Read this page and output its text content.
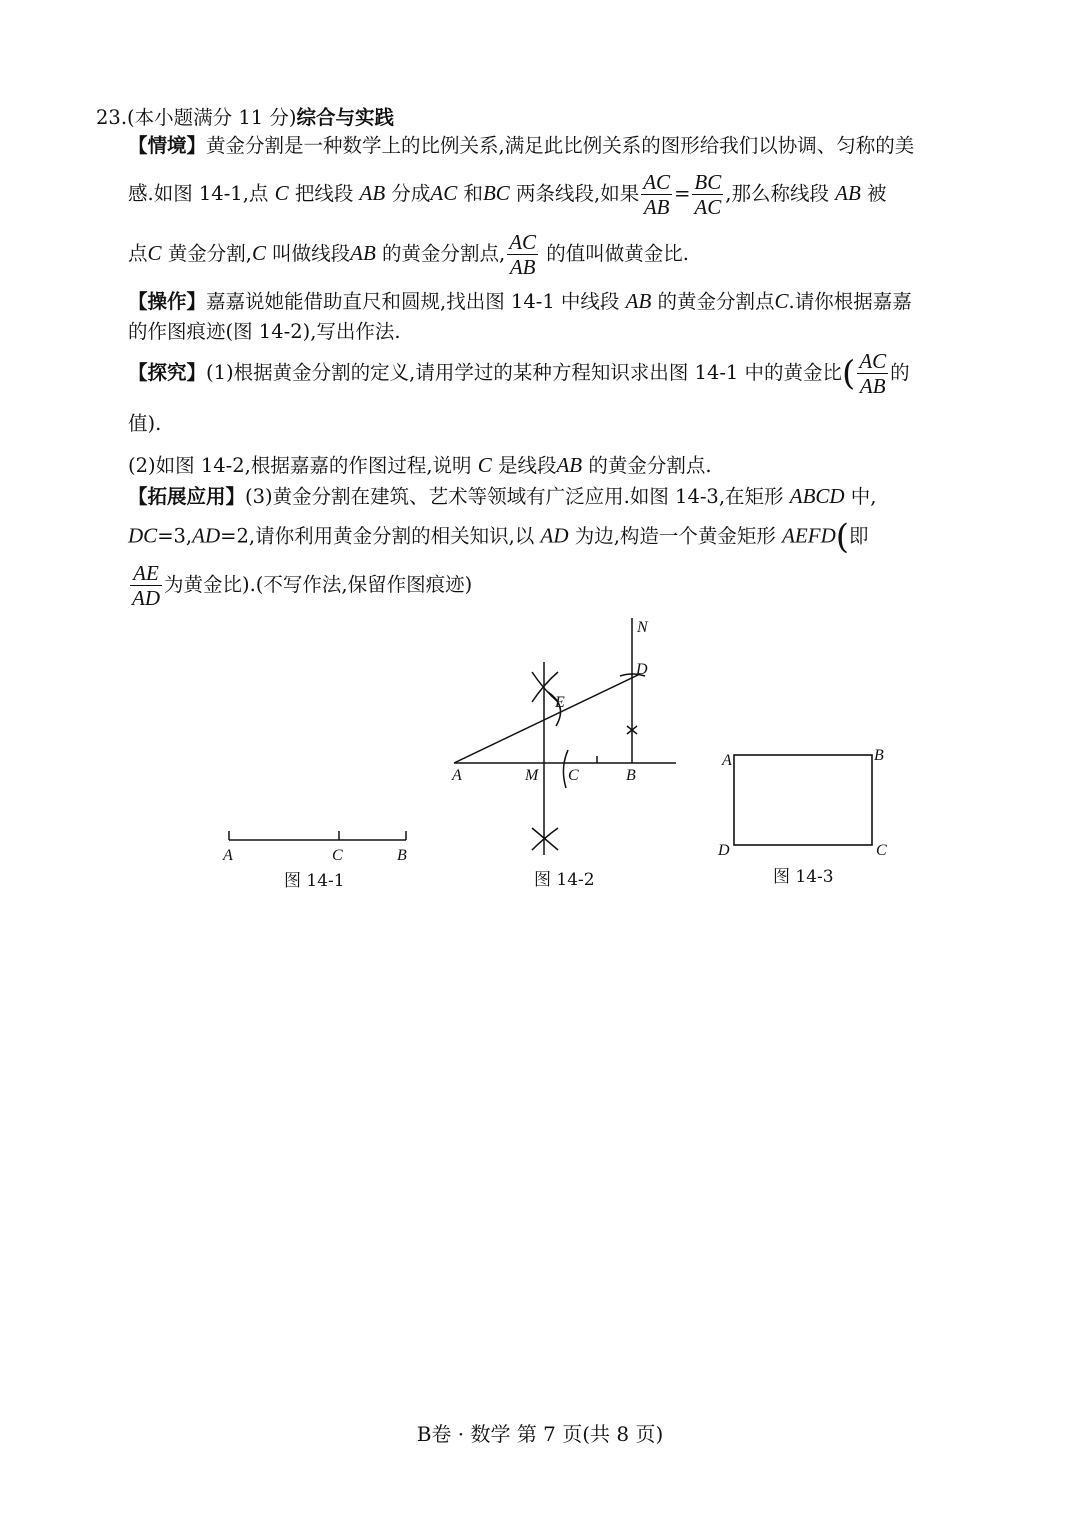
23.(本小题满分 11 分)综合与实践
【情境】黄金分割是一种数学上的比例关系,满足此比例关系的图形给我们以协调、匀称的美
感.如图 14-1,点 C 把线段 AB 分成AC 和BC 两条线段,如果 $\frac{AC}{AB} = \frac{BC}{AC}$ ,那么称线段 AB 被
点C 黄金分割,C 叫做线段AB 的黄金分割点, $\frac{AC}{AB}$ 的值叫做黄金比.
【操作】嘉嘉说她能借助直尺和圆规,找出图 14-1 中线段 AB 的黄金分割点C.请你根据嘉嘉
的作图痕迹(图 14-2),写出作法.
【探究】(1)根据黄金分割的定义,请用学过的某种方程知识求出图 14-1 中的黄金比( $\frac{AC}{AB}$ 的
值).
(2)如图 14-2,根据嘉嘉的作图过程,说明 C 是线段AB 的黄金分割点.
【拓展应用】(3)黄金分割在建筑、艺术等领域有广泛应用.如图 14-3,在矩形 ABCD 中,
DC=3,AD=2,请你利用黄金分割的相关知识,以 AD 为边,构造一个黄金矩形 AEFD(即
$\frac{AE}{AD}$ 为黄金比).(不写作法,保留作图痕迹)
A	C	B
图 14-1
N
D
E
A	M C	B
图 14-2
A	B
D	C
图 14-3
B卷 · 数学 第 7 页(共 8 页)
